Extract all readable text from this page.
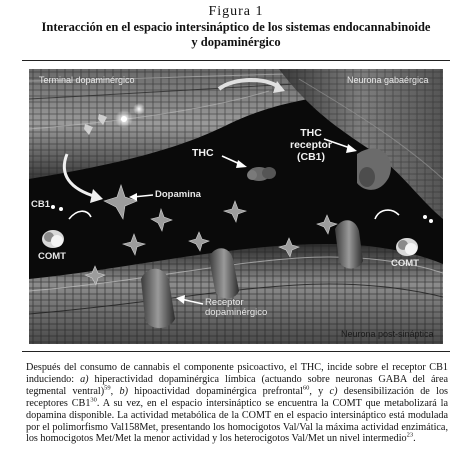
Figura 1
Interacción en el espacio intersináptico de los sistemas endocannabinoide
y dopaminérgico
Terminal dopaminérgico	Neurona gabaérgica
THC
THC
receptor
(CB1)
Dopamina
CB1
COMT
COMT
Receptor
dopaminérgico
Neurona post-sináptica
Después del consumo de cannabis el componente psicoactivo, el THC, incide sobre el receptor CB1 induciendo: a) hiperactividad dopaminérgica límbica (actuando sobre neuronas GABA del área tegmental ventral)$^{59}$, b) hipoactividad dopaminérgica prefrontal$^{60}$, y c) desensibilización de los receptores $CB1^{30}$. A su vez, en el espacio intersináptico se encuentra la COMT que metabolizará la dopamina disponible. La actividad metabólica de la COMT en el espacio intersináptico está modulada por el polimorfismo Val158Met, presentando los homocigotos Val/Val la máxima actividad enzimática, los homocigotos Met/Met la menor actividad y los heterocigotos Val/Met un nivel intermedio$^{23}$.
